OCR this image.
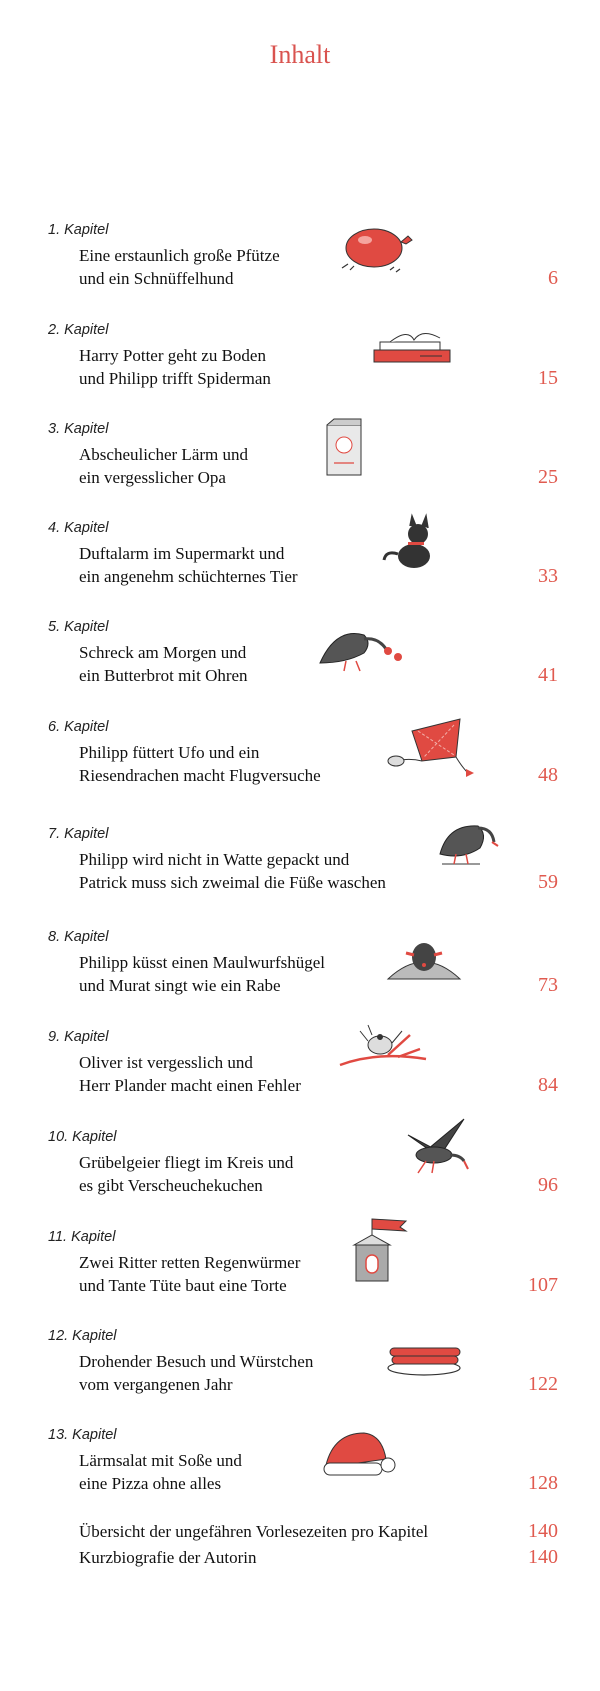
Inhalt
1. Kapitel
Eine erstaunlich große Pfütze
und ein Schnüffelhund	6
2. Kapitel
Harry Potter geht zu Boden
und Philipp trifft Spiderman	15
3. Kapitel
Abscheulicher Lärm und
ein vergesslicher Opa	25
4. Kapitel
Duftalarm im Supermarkt und
ein angenehm schüchternes Tier	33
5. Kapitel
Schreck am Morgen und
ein Butterbrot mit Ohren	41
6. Kapitel
Philipp füttert Ufo und ein
Riesendrachen macht Flugversuche	48
7. Kapitel
Philipp wird nicht in Watte gepackt und
Patrick muss sich zweimal die Füße waschen	59
8. Kapitel
Philipp küsst einen Maulwurfshügel
und Murat singt wie ein Rabe	73
9. Kapitel
Oliver ist vergesslich und
Herr Plander macht einen Fehler	84
10. Kapitel
Grübelgeier fliegt im Kreis und
es gibt Verscheuchekuchen	96
11. Kapitel
Zwei Ritter retten Regenwürmer
und Tante Tüte baut eine Torte	107
12. Kapitel
Drohender Besuch und Würstchen
vom vergangenen Jahr	122
13. Kapitel
Lärmsalat mit Soße und
eine Pizza ohne alles	128
Übersicht der ungefähren Vorlesezeiten pro Kapitel	140
Kurzbiografie der Autorin	140
